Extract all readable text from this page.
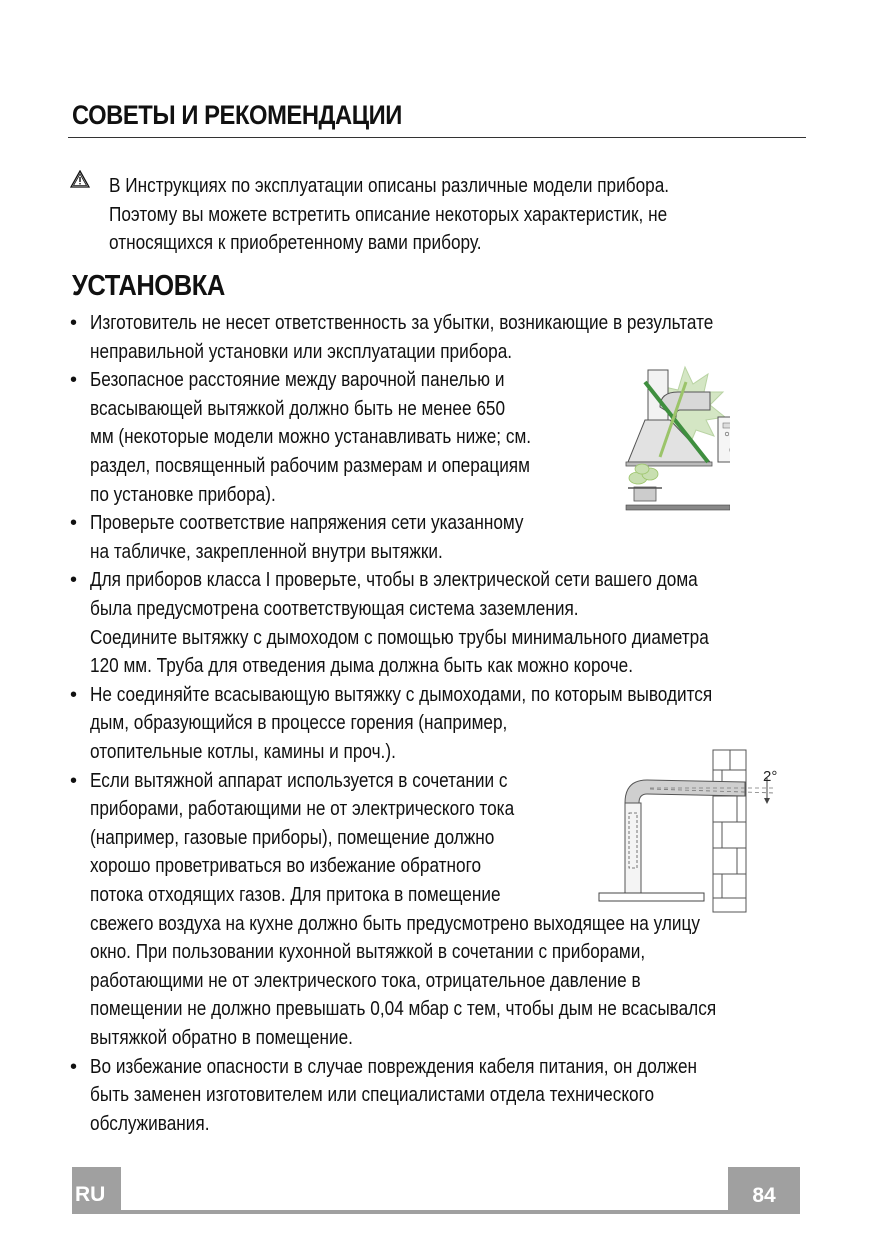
СОВЕТЫ И РЕКОМЕНДАЦИИ
В Инструкциях по эксплуатации описаны различные модели прибора.
Поэтому вы можете встретить описание некоторых характеристик, не
относящихся к приобретенному вами прибору.
УСТАНОВКА
• Изготовитель не несет ответственность за убытки, возникающие в результате
неправильной установки или эксплуатации прибора.
• Безопасное расстояние между варочной панелью и
всасывающей вытяжкой должно быть не менее 650
мм (некоторые модели можно устанавливать ниже; см.
раздел, посвященный рабочим размерам и операциям
по установке прибора).
• Проверьте соответствие напряжения сети указанному
на табличке, закрепленной внутри вытяжки.
• Для приборов класса I проверьте, чтобы в электрической сети вашего дома
была предусмотрена соответствующая система заземления.
Соедините вытяжку с дымоходом с помощью трубы минимального диаметра
120 мм. Труба для отведения дыма должна быть как можно короче.
• Не соединяйте всасывающую вытяжку с дымоходами, по которым выводится
дым, образующийся в процессе горения (например,
отопительные котлы, камины и проч.).
• Если вытяжной аппарат используется в сочетании с
приборами, работающими не от электрического тока
(например, газовые приборы), помещение должно
хорошо проветриваться во избежание обратного
потока отходящих газов. Для притока в помещение
свежего воздуха на кухне должно быть предусмотрено выходящее на улицу
окно. При пользовании кухонной вытяжкой в сочетании с приборами,
работающими не от электрического тока, отрицательное давление в
помещении не должно превышать 0,04 мбар с тем, чтобы дым не всасывался
вытяжкой обратно в помещение.
• Во избежание опасности в случае повреждения кабеля питания, он должен
быть заменен изготовителем или специалистами отдела технического
обслуживания.
2°
RU	84
